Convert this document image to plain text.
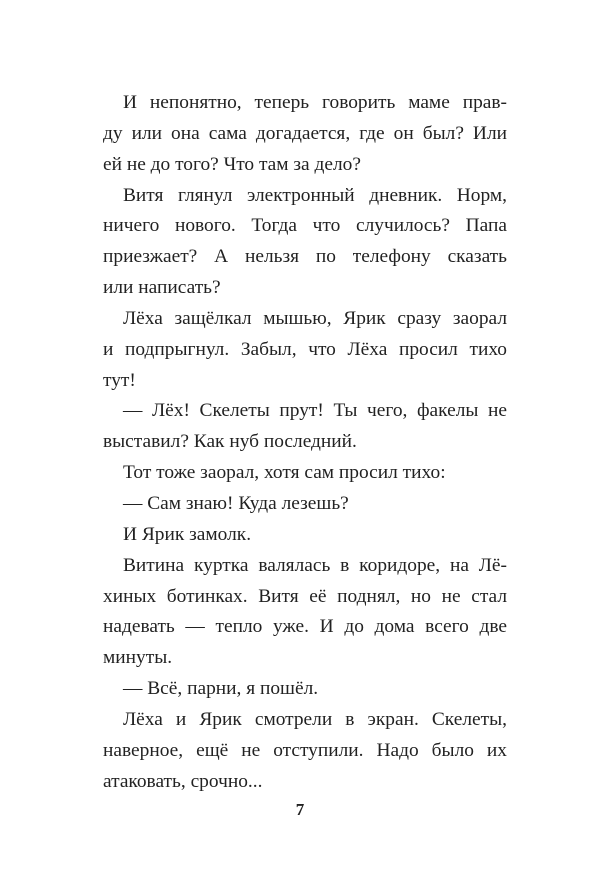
И непонятно, теперь говорить маме прав-
ду или она сама догадается, где он был? Или
ей не до того? Что там за дело?
Витя глянул электронный дневник. Норм,
ничего нового. Тогда что случилось? Папа
приезжает? А нельзя по телефону сказать
или написать?
Лёха защёлкал мышью, Ярик сразу заорал
и подпрыгнул. Забыл, что Лёха просил тихо
тут!
— Лёх! Скелеты прут! Ты чего, факелы не
выставил? Как нуб последний.
Тот тоже заорал, хотя сам просил тихо:
— Сам знаю! Куда лезешь?
И Ярик замолк.
Витина куртка валялась в коридоре, на Лё-
хиных ботинках. Витя её поднял, но не стал
надевать — тепло уже. И до дома всего две
минуты.
— Всё, парни, я пошёл.
Лёха и Ярик смотрели в экран. Скелеты,
наверное, ещё не отступили. Надо было их
атаковать, срочно...
7
